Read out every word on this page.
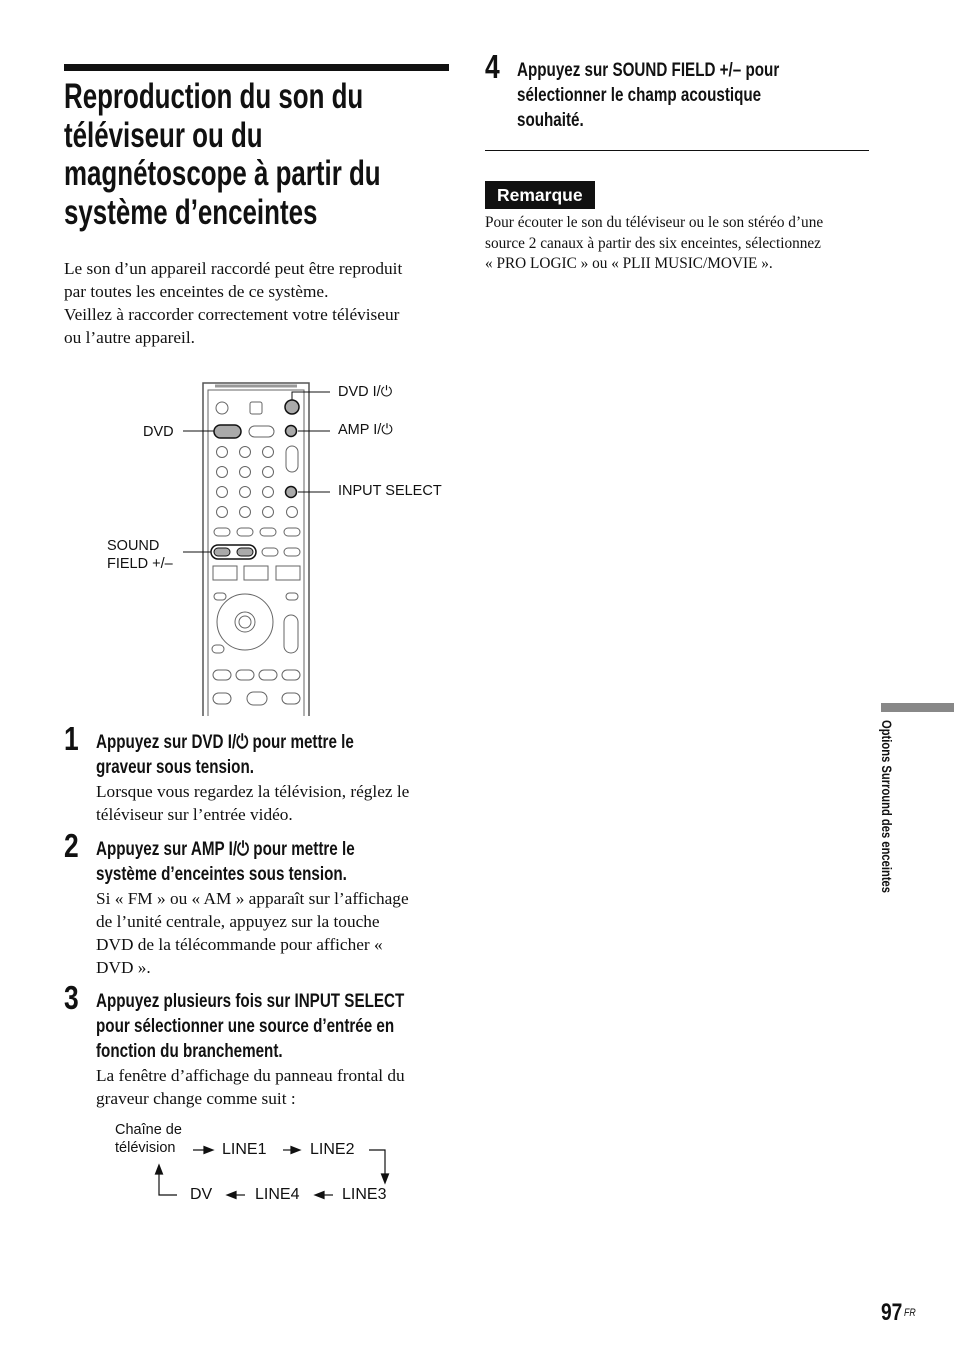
Reproduction du son du
téléviseur ou du
magnétoscope à partir du
système d’enceintes
Le son d’un appareil raccordé peut être reproduit
par toutes les enceintes de ce système.
Veillez à raccorder correctement votre téléviseur
ou l’autre appareil.
DVD I/⏻
AMP I/⏻
DVD
INPUT SELECT
SOUND
FIELD +/–
1 Appuyez sur DVD I/⏻ pour mettre le
graveur sous tension.
Lorsque vous regardez la télévision, réglez le
téléviseur sur l’entrée vidéo.
2 Appuyez sur AMP I/⏻ pour mettre le
système d’enceintes sous tension.
Si « FM » ou « AM » apparaît sur l’affichage
de l’unité centrale, appuyez sur la touche
DVD de la télécommande pour afficher «
DVD ».
3 Appuyez plusieurs fois sur INPUT SELECT
pour sélectionner une source d’entrée en
fonction du branchement.
La fenêtre d’affichage du panneau frontal du
graveur change comme suit :
Chaîne de
télévision	LINE1	LINE2
LINE3
LINE4
DV
4 Appuyez sur SOUND FIELD +/– pour
sélectionner le champ acoustique
souhaité.
Remarque
Pour écouter le son du téléviseur ou le son stéréo d’une
source 2 canaux à partir des six enceintes, sélectionnez
« PRO LOGIC » ou « PLII MUSIC/MOVIE ».
Options Surround des enceintes
97 $^{FR}$
